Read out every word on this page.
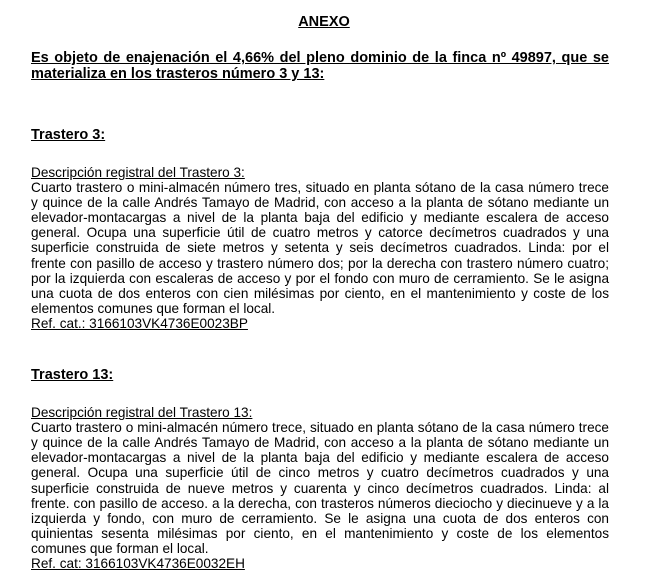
ANEXO
Es objeto de enajenación el 4,66% del pleno dominio de la finca nº 49897, que se materializa en los trasteros número 3 y 13:
Trastero 3:
Descripción registral del Trastero 3:
Cuarto trastero o mini-almacén número tres, situado en planta sótano de la casa número trece y quince de la calle Andrés Tamayo de Madrid, con acceso a la planta de sótano mediante un elevador-montacargas a nivel de la planta baja del edificio y mediante escalera de acceso general. Ocupa una superficie útil de cuatro metros y catorce decímetros cuadrados y una superficie construida de siete metros y setenta y seis decímetros cuadrados. Linda: por el frente con pasillo de acceso y trastero número dos; por la derecha con trastero número cuatro; por la izquierda con escaleras de acceso y por el fondo con muro de cerramiento. Se le asigna una cuota de dos enteros con cien milésimas por ciento, en el mantenimiento y coste de los elementos comunes que forman el local.
Ref. cat.: 3166103VK4736E0023BP
Trastero 13:
Descripción registral del Trastero 13:
Cuarto trastero o mini-almacén número trece, situado en planta sótano de la casa número trece y quince de la calle Andrés Tamayo de Madrid, con acceso a la planta de sótano mediante un elevador-montacargas a nivel de la planta baja del edificio y mediante escalera de acceso general. Ocupa una superficie útil de cinco metros y cuatro decímetros cuadrados y una superficie construida de nueve metros y cuarenta y cinco decímetros cuadrados. Linda: al frente. con pasillo de acceso. a la derecha, con trasteros números dieciocho y diecinueve y a la izquierda y fondo, con muro de cerramiento. Se le asigna una cuota de dos enteros con quinientas sesenta milésimas por ciento, en el mantenimiento y coste de los elementos comunes que forman el local.
Ref. cat: 3166103VK4736E0032EH
